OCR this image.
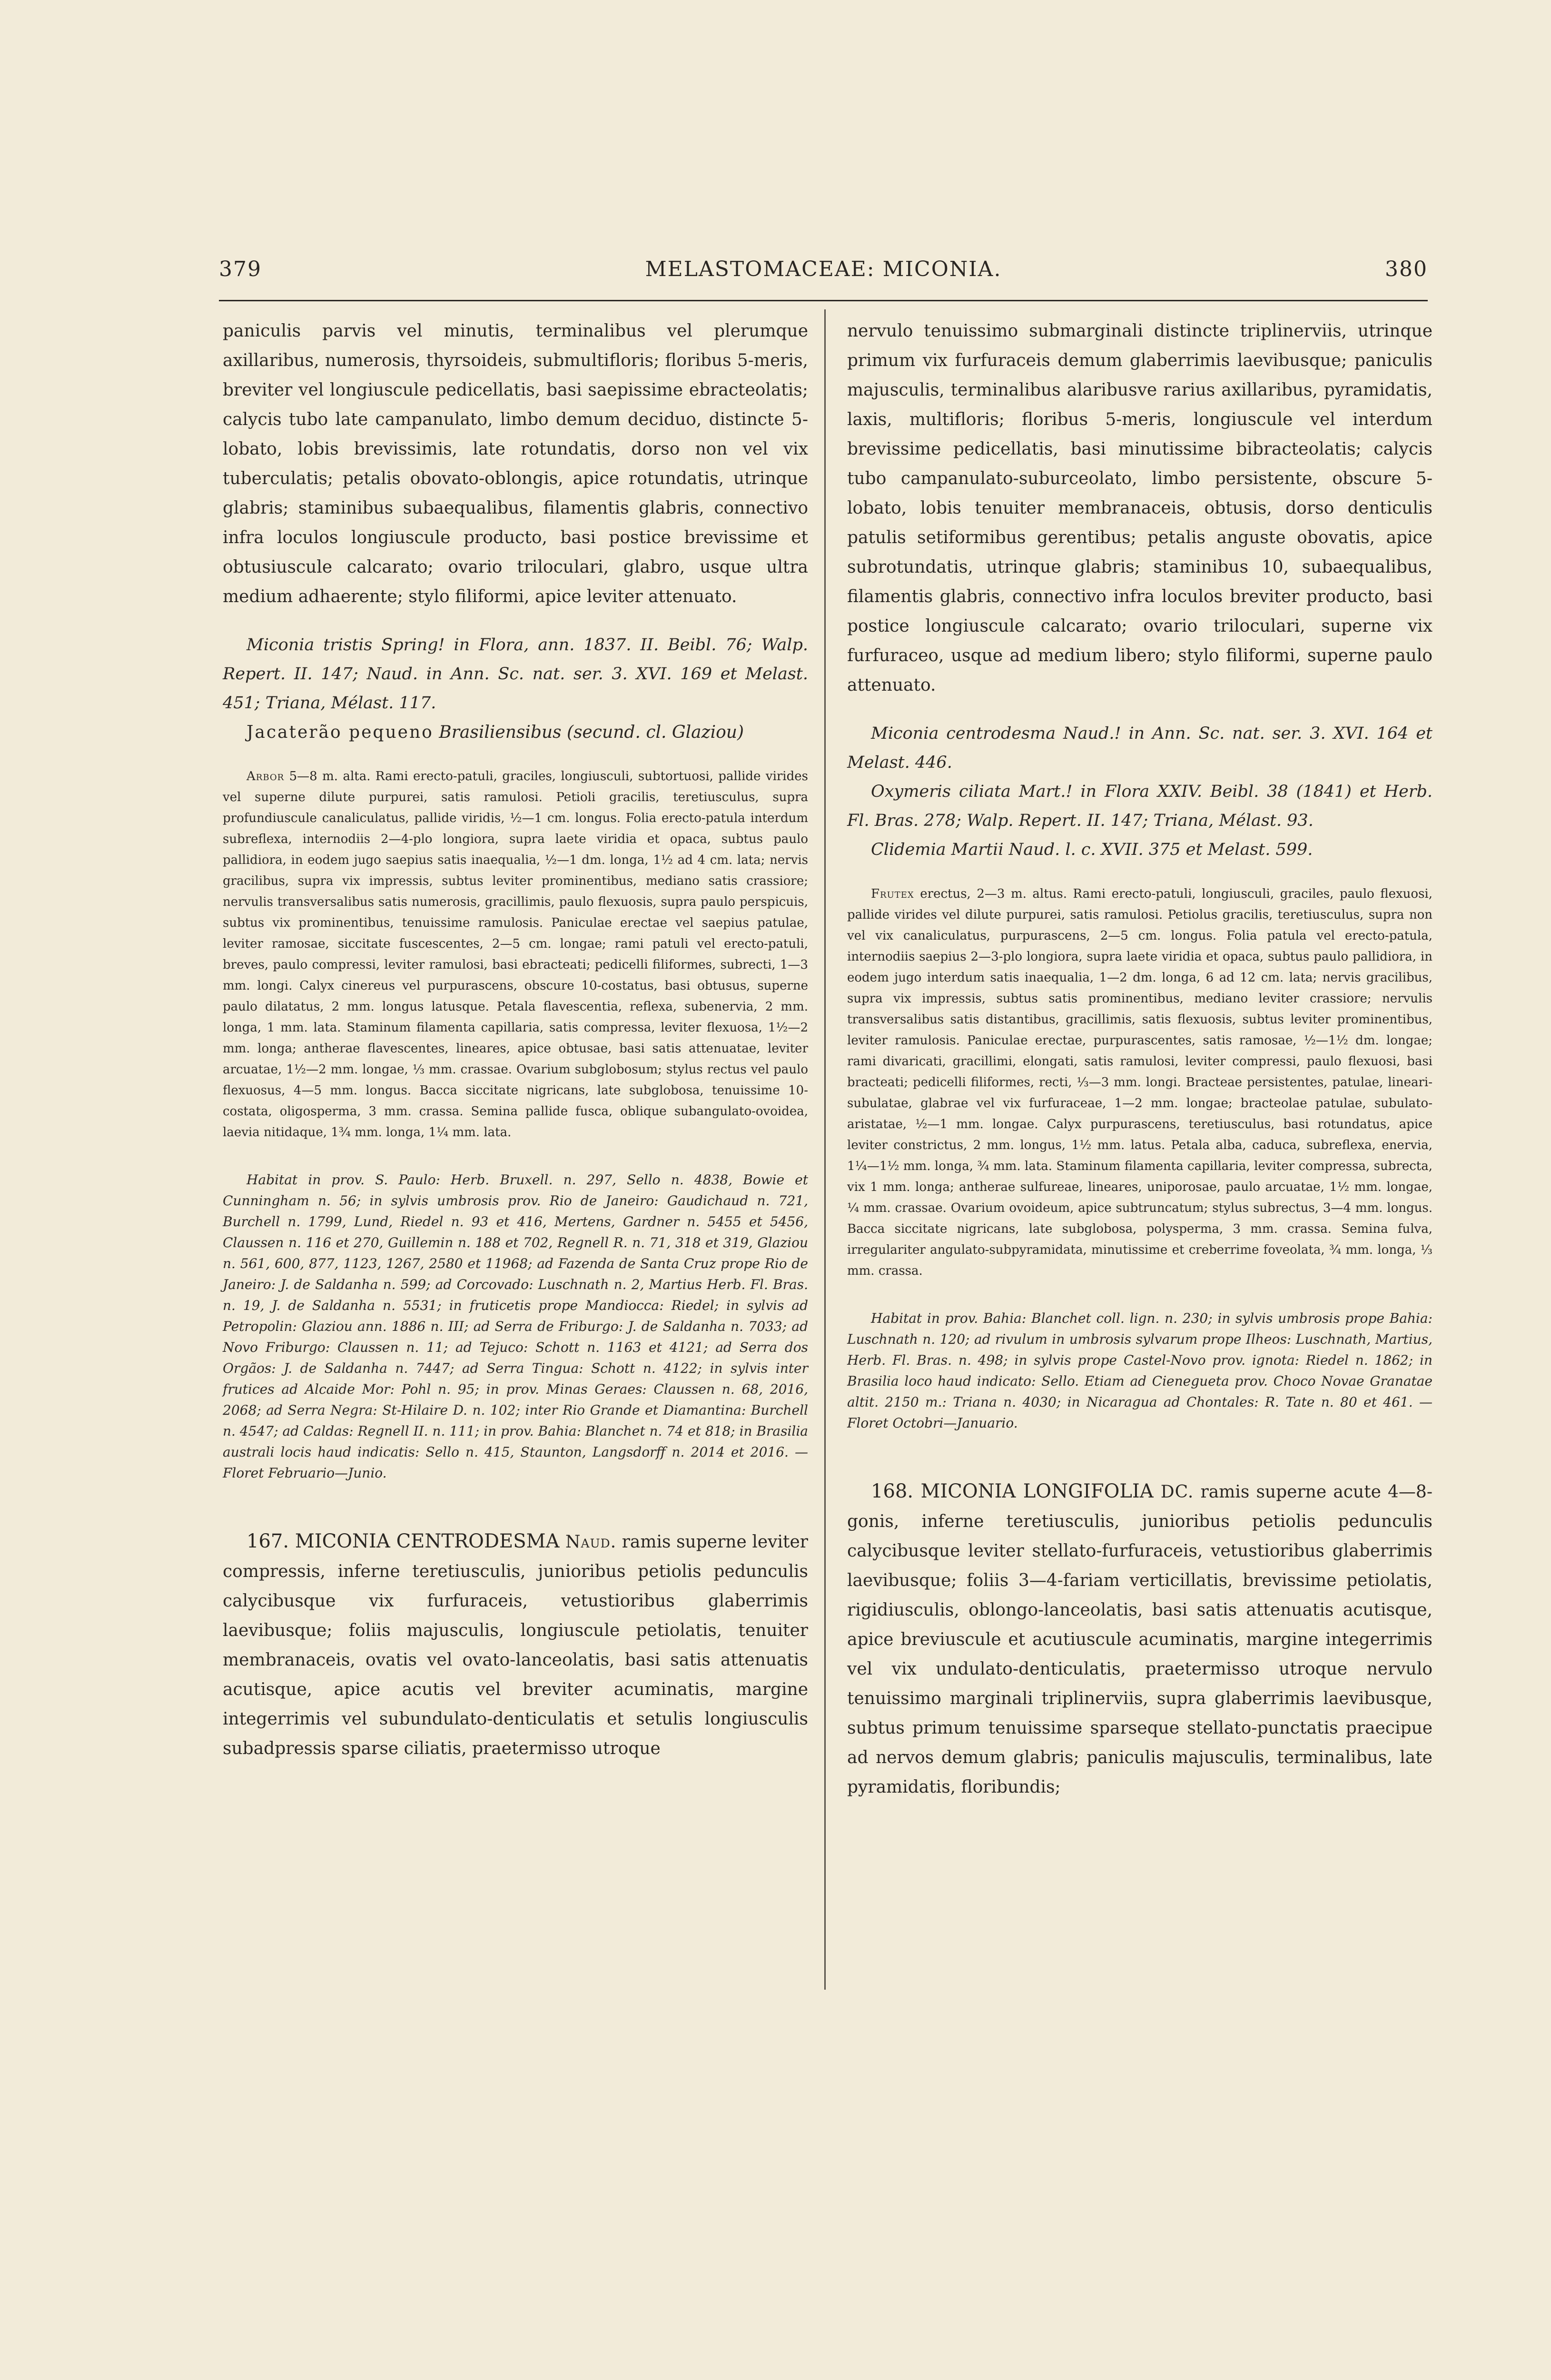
379	MELASTOMACEAE: MICONIA.	380

paniculis parvis vel minutis, terminalibus vel plerumque axillaribus, numerosis, thyrsoideis, submultifloris; floribus 5-meris, breviter vel longiuscule pedicellatis, basi saepissime ebracteolatis; calycis tubo late campanulato, limbo demum deciduo, distincte 5-lobato, lobis brevissimis, late rotundatis, dorso non vel vix tuberculatis; petalis obovato-oblongis, apice rotundatis, utrinque glabris; staminibus subaequalibus, filamentis glabris, connectivo infra loculos longiuscule producto, basi postice brevissime et obtusiuscule calcarato; ovario triloculari, glabro, usque ultra medium adhaerente; stylo filiformi, apice leviter attenuato.

Miconia tristis Spring! in Flora, ann. 1837. II. Beibl. 76; Walp. Repert. II. 147; Naud. in Ann. Sc. nat. ser. 3. XVI. 169 et Melast. 451; Triana, Mélast. 117.

Jacaterão pequeno Brasiliensibus (secund. cl. Glaziou)

Arbor 5—8 m. alta. Rami erecto-patuli, graciles, longiusculi, subtortuosi, pallide virides vel superne dilute purpurei, satis ramulosi. Petioli gracilis, teretiusculus, supra profundiuscule canaliculatus, pallide viridis, ½—1 cm. longus. Folia erecto-patula interdum subreflexa, internodiis 2—4-plo longiora, supra laete viridia et opaca, subtus paulo pallidiora, in eodem jugo saepius satis inaequalia, ½—1 dm. longa, 1½ ad 4 cm. lata; nervis gracilibus, supra vix impressis, subtus leviter prominentibus, mediano satis crassiore; nervulis transversalibus satis numerosis, gracillimis, paulo flexuosis, supra paulo perspicuis, subtus vix prominentibus, tenuissime ramulosis. Paniculae erectae vel saepius patulae, leviter ramosae, siccitate fuscescentes, 2—5 cm. longae; rami patuli vel erecto-patuli, breves, paulo compressi, leviter ramulosi, basi ebracteati; pedicelli filiformes, subrecti, 1—3 mm. longi. Calyx cinereus vel purpurascens, obscure 10-costatus, basi obtusus, superne paulo dilatatus, 2 mm. longus latusque. Petala flavescentia, reflexa, subenervia, 2 mm. longa, 1 mm. lata. Staminum filamenta capillaria, satis compressa, leviter flexuosa, 1½—2 mm. longa; antherae flavescentes, lineares, apice obtusae, basi satis attenuatae, leviter arcuatae, 1½—2 mm. longae, ⅓ mm. crassae. Ovarium subglobosum; stylus rectus vel paulo flexuosus, 4—5 mm. longus. Bacca siccitate nigricans, late subglobosa, tenuissime 10-costata, oligosperma, 3 mm. crassa. Semina pallide fusca, oblique subangulato-ovoidea, laevia nitidaque, 1¾ mm. longa, 1¼ mm. lata.

Habitat in prov. S. Paulo: Herb. Bruxell. n. 297, Sello n. 4838, Bowie et Cunningham n. 56; in sylvis umbrosis prov. Rio de Janeiro: Gaudichaud n. 721, Burchell n. 1799, Lund, Riedel n. 93 et 416, Mertens, Gardner n. 5455 et 5456, Claussen n. 116 et 270, Guillemin n. 188 et 702, Regnell R. n. 71, 318 et 319, Glaziou n. 561, 600, 877, 1123, 1267, 2580 et 11968; ad Fazenda de Santa Cruz prope Rio de Janeiro: J. de Saldanha n. 599; ad Corcovado: Luschnath n. 2, Martius Herb. Fl. Bras. n. 19, J. de Saldanha n. 5531; in fruticetis prope Mandiocca: Riedel; in sylvis ad Petropolin: Glaziou ann. 1886 n. III; ad Serra de Friburgo: J. de Saldanha n. 7033; ad Novo Friburgo: Claussen n. 11; ad Tejuco: Schott n. 1163 et 4121; ad Serra dos Orgãos: J. de Saldanha n. 7447; ad Serra Tingua: Schott n. 4122; in sylvis inter frutices ad Alcaide Mor: Pohl n. 95; in prov. Minas Geraes: Claussen n. 68, 2016, 2068; ad Serra Negra: St-Hilaire D. n. 102; inter Rio Grande et Diamantina: Burchell n. 4547; ad Caldas: Regnell II. n. 111; in prov. Bahia: Blanchet n. 74 et 818; in Brasilia australi locis haud indicatis: Sello n. 415, Staunton, Langsdorff n. 2014 et 2016. — Floret Februario—Junio.

167. MICONIA CENTRODESMA Naud. ramis superne leviter compressis, inferne teretiusculis, junioribus petiolis pedunculis calycibusque vix furfuraceis, vetustioribus glaberrimis laevibusque; foliis majusculis, longiuscule petiolatis, tenuiter membranaceis, ovatis vel ovato-lanceolatis, basi satis attenuatis acutisque, apice acutis vel breviter acuminatis, margine integerrimis vel subundulato-denticulatis et setulis longiusculis subadpressis sparse ciliatis, praetermisso utroque

nervulo tenuissimo submarginali distincte triplinerviis, utrinque primum vix furfuraceis demum glaberrimis laevibusque; paniculis majusculis, terminalibus alaribusve rarius axillaribus, pyramidatis, laxis, multifloris; floribus 5-meris, longiuscule vel interdum brevissime pedicellatis, basi minutissime bibracteolatis; calycis tubo campanulato-suburceolato, limbo persistente, obscure 5-lobato, lobis tenuiter membranaceis, obtusis, dorso denticulis patulis setiformibus gerentibus; petalis anguste obovatis, apice subrotundatis, utrinque glabris; staminibus 10, subaequalibus, filamentis glabris, connectivo infra loculos breviter producto, basi postice longiuscule calcarato; ovario triloculari, superne vix furfuraceo, usque ad medium libero; stylo filiformi, superne paulo attenuato.

Miconia centrodesma Naud.! in Ann. Sc. nat. ser. 3. XVI. 164 et Melast. 446.

Oxymeris ciliata Mart.! in Flora XXIV. Beibl. 38 (1841) et Herb. Fl. Bras. 278; Walp. Repert. II. 147; Triana, Mélast. 93.

Clidemia Martii Naud. l. c. XVII. 375 et Melast. 599.

Frutex erectus, 2—3 m. altus. Rami erecto-patuli, longiusculi, graciles, paulo flexuosi, pallide virides vel dilute purpurei, satis ramulosi. Petiolus gracilis, teretiusculus, supra non vel vix canaliculatus, purpurascens, 2—5 cm. longus. Folia patula vel erecto-patula, internodiis saepius 2—3-plo longiora, supra laete viridia et opaca, subtus paulo pallidiora, in eodem jugo interdum satis inaequalia, 1—2 dm. longa, 6 ad 12 cm. lata; nervis gracilibus, supra vix impressis, subtus satis prominentibus, mediano leviter crassiore; nervulis transversalibus satis distantibus, gracillimis, satis flexuosis, subtus leviter prominentibus, leviter ramulosis. Paniculae erectae, purpurascentes, satis ramosae, ½—1½ dm. longae; rami divaricati, gracillimi, elongati, satis ramulosi, leviter compressi, paulo flexuosi, basi bracteati; pedicelli filiformes, recti, ⅓—3 mm. longi. Bracteae persistentes, patulae, lineari-subulatae, glabrae vel vix furfuraceae, 1—2 mm. longae; bracteolae patulae, subulato-aristatae, ½—1 mm. longae. Calyx purpurascens, teretiusculus, basi rotundatus, apice leviter constrictus, 2 mm. longus, 1½ mm. latus. Petala alba, caduca, subreflexa, enervia, 1¼—1½ mm. longa, ¾ mm. lata. Staminum filamenta capillaria, leviter compressa, subrecta, vix 1 mm. longa; antherae sulfureae, lineares, uniporosae, paulo arcuatae, 1½ mm. longae, ¼ mm. crassae. Ovarium ovoideum, apice subtruncatum; stylus subrectus, 3—4 mm. longus. Bacca siccitate nigricans, late subglobosa, polysperma, 3 mm. crassa. Semina fulva, irregulariter angulato-subpyramidata, minutissime et creberrime foveolata, ¾ mm. longa, ⅓ mm. crassa.

Habitat in prov. Bahia: Blanchet coll. lign. n. 230; in sylvis umbrosis prope Bahia: Luschnath n. 120; ad rivulum in umbrosis sylvarum prope Ilheos: Luschnath, Martius, Herb. Fl. Bras. n. 498; in sylvis prope Castel-Novo prov. ignota: Riedel n. 1862; in Brasilia loco haud indicato: Sello. Etiam ad Cienegueta prov. Choco Novae Granatae altit. 2150 m.: Triana n. 4030; in Nicaragua ad Chontales: R. Tate n. 80 et 461. — Floret Octobri—Januario.

168. MICONIA LONGIFOLIA DC. ramis superne acute 4—8-gonis, inferne teretiusculis, junioribus petiolis pedunculis calycibusque leviter stellato-furfuraceis, vetustioribus glaberrimis laevibusque; foliis 3—4-fariam verticillatis, brevissime petiolatis, rigidiusculis, oblongo-lanceolatis, basi satis attenuatis acutisque, apice breviuscule et acutiuscule acuminatis, margine integerrimis vel vix undulato-denticulatis, praetermisso utroque nervulo tenuissimo marginali triplinerviis, supra glaberrimis laevibusque, subtus primum tenuissime sparseque stellato-punctatis praecipue ad nervos demum glabris; paniculis majusculis, terminalibus, late pyramidatis, floribundis;
